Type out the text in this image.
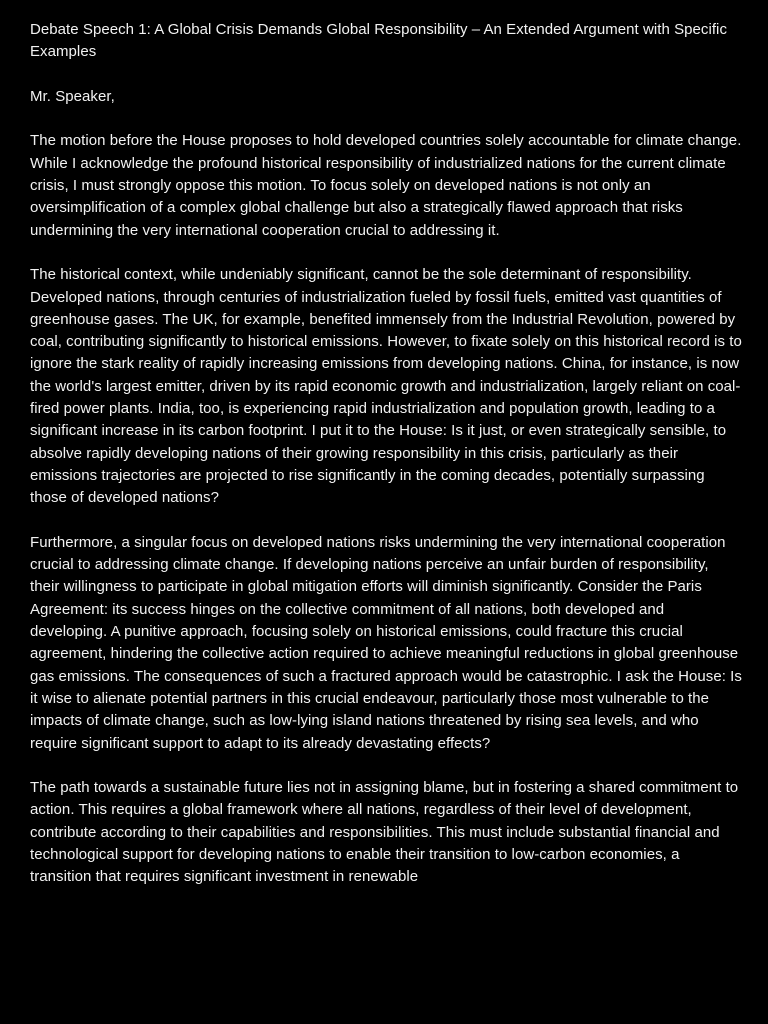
Debate Speech 1: A Global Crisis Demands Global Responsibility – An Extended Argument with Specific Examples

Mr. Speaker,

The motion before the House proposes to hold developed countries solely accountable for climate change. While I acknowledge the profound historical responsibility of industrialized nations for the current climate crisis, I must strongly oppose this motion. To focus solely on developed nations is not only an oversimplification of a complex global challenge but also a strategically flawed approach that risks undermining the very international cooperation crucial to addressing it.

The historical context, while undeniably significant, cannot be the sole determinant of responsibility. Developed nations, through centuries of industrialization fueled by fossil fuels, emitted vast quantities of greenhouse gases. The UK, for example, benefited immensely from the Industrial Revolution, powered by coal, contributing significantly to historical emissions. However, to fixate solely on this historical record is to ignore the stark reality of rapidly increasing emissions from developing nations. China, for instance, is now the world's largest emitter, driven by its rapid economic growth and industrialization, largely reliant on coal-fired power plants. India, too, is experiencing rapid industrialization and population growth, leading to a significant increase in its carbon footprint. I put it to the House: Is it just, or even strategically sensible, to absolve rapidly developing nations of their growing responsibility in this crisis, particularly as their emissions trajectories are projected to rise significantly in the coming decades, potentially surpassing those of developed nations?

Furthermore, a singular focus on developed nations risks undermining the very international cooperation crucial to addressing climate change. If developing nations perceive an unfair burden of responsibility, their willingness to participate in global mitigation efforts will diminish significantly. Consider the Paris Agreement: its success hinges on the collective commitment of all nations, both developed and developing. A punitive approach, focusing solely on historical emissions, could fracture this crucial agreement, hindering the collective action required to achieve meaningful reductions in global greenhouse gas emissions. The consequences of such a fractured approach would be catastrophic. I ask the House: Is it wise to alienate potential partners in this crucial endeavour, particularly those most vulnerable to the impacts of climate change, such as low-lying island nations threatened by rising sea levels, and who require significant support to adapt to its already devastating effects?

The path towards a sustainable future lies not in assigning blame, but in fostering a shared commitment to action. This requires a global framework where all nations, regardless of their level of development, contribute according to their capabilities and responsibilities. This must include substantial financial and technological support for developing nations to enable their transition to low-carbon economies, a transition that requires significant investment in renewable
